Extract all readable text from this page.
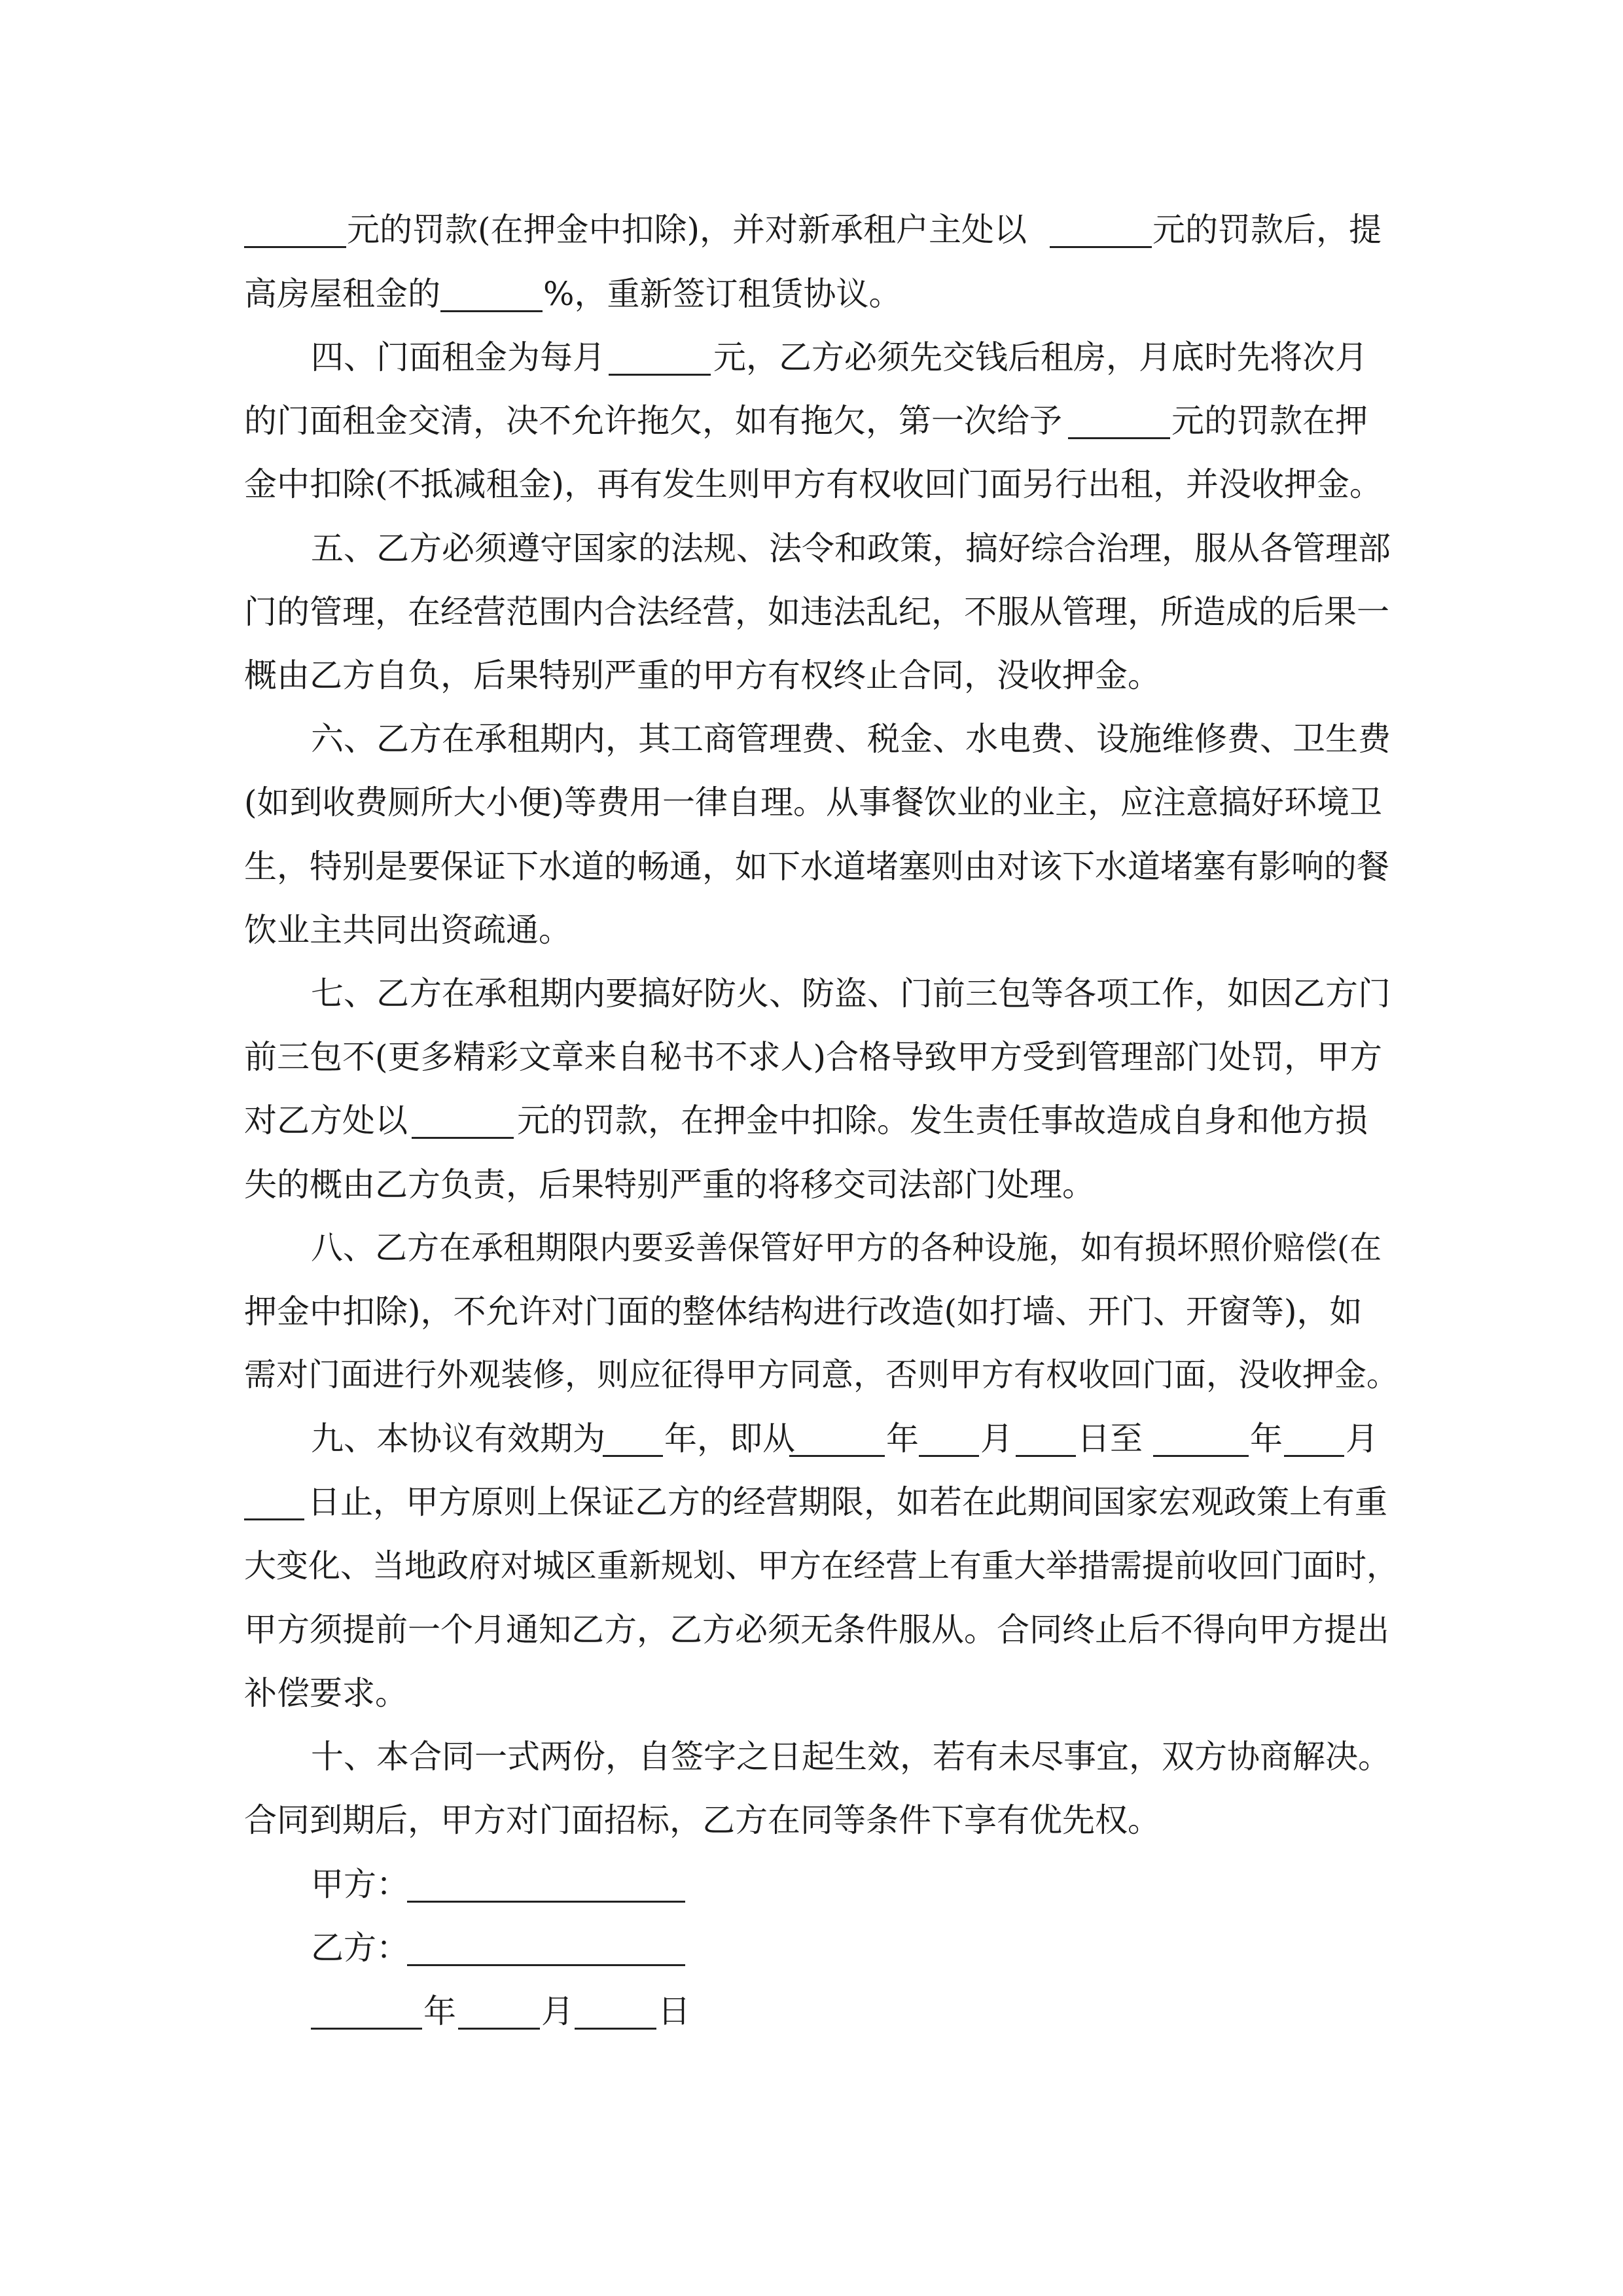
元的罚款(在押金中扣除)，并对新承租户主处以	元的罚款后，提
高房屋租金的	%，重新签订租赁协议。
四、门面租金为每月	元，乙方必须先交钱后租房，月底时先将次月
的门面租金交清，决不允许拖欠，如有拖欠，第一次给予	元的罚款在押
金中扣除(不抵减租金)，再有发生则甲方有权收回门面另行出租，并没收押金。
五、乙方必须遵守国家的法规、法令和政策，搞好综合治理，服从各管理部
门的管理，在经营范围内合法经营，如违法乱纪，不服从管理，所造成的后果一
概由乙方自负，后果特别严重的甲方有权终止合同，没收押金。
六、乙方在承租期内，其工商管理费、税金、水电费、设施维修费、卫生费
(如到收费厕所大小便)等费用一律自理。从事餐饮业的业主，应注意搞好环境卫
生，特别是要保证下水道的畅通，如下水道堵塞则由对该下水道堵塞有影响的餐
饮业主共同出资疏通。
七、乙方在承租期内要搞好防火、防盗、门前三包等各项工作，如因乙方门
前三包不(更多精彩文章来自秘书不求人)合格导致甲方受到管理部门处罚，甲方
对乙方处以	元的罚款，在押金中扣除。发生责任事故造成自身和他方损
失的概由乙方负责，后果特别严重的将移交司法部门处理。
八、乙方在承租期限内要妥善保管好甲方的各种设施，如有损坏照价赔偿(在
押金中扣除)，不允许对门面的整体结构进行改造(如打墙、开门、开窗等)，如
需对门面进行外观装修，则应征得甲方同意，否则甲方有权收回门面，没收押金。
九、本协议有效期为 年，即从	年 月 日至	年 月
日止，甲方原则上保证乙方的经营期限，如若在此期间国家宏观政策上有重
大变化、当地政府对城区重新规划、甲方在经营上有重大举措需提前收回门面时，
甲方须提前一个月通知乙方，乙方必须无条件服从。合同终止后不得向甲方提出
补偿要求。
十、本合同一式两份，自签字之日起生效，若有未尽事宜，双方协商解决。
合同到期后，甲方对门面招标，乙方在同等条件下享有优先权。
甲方：
乙方：
年	月	日
